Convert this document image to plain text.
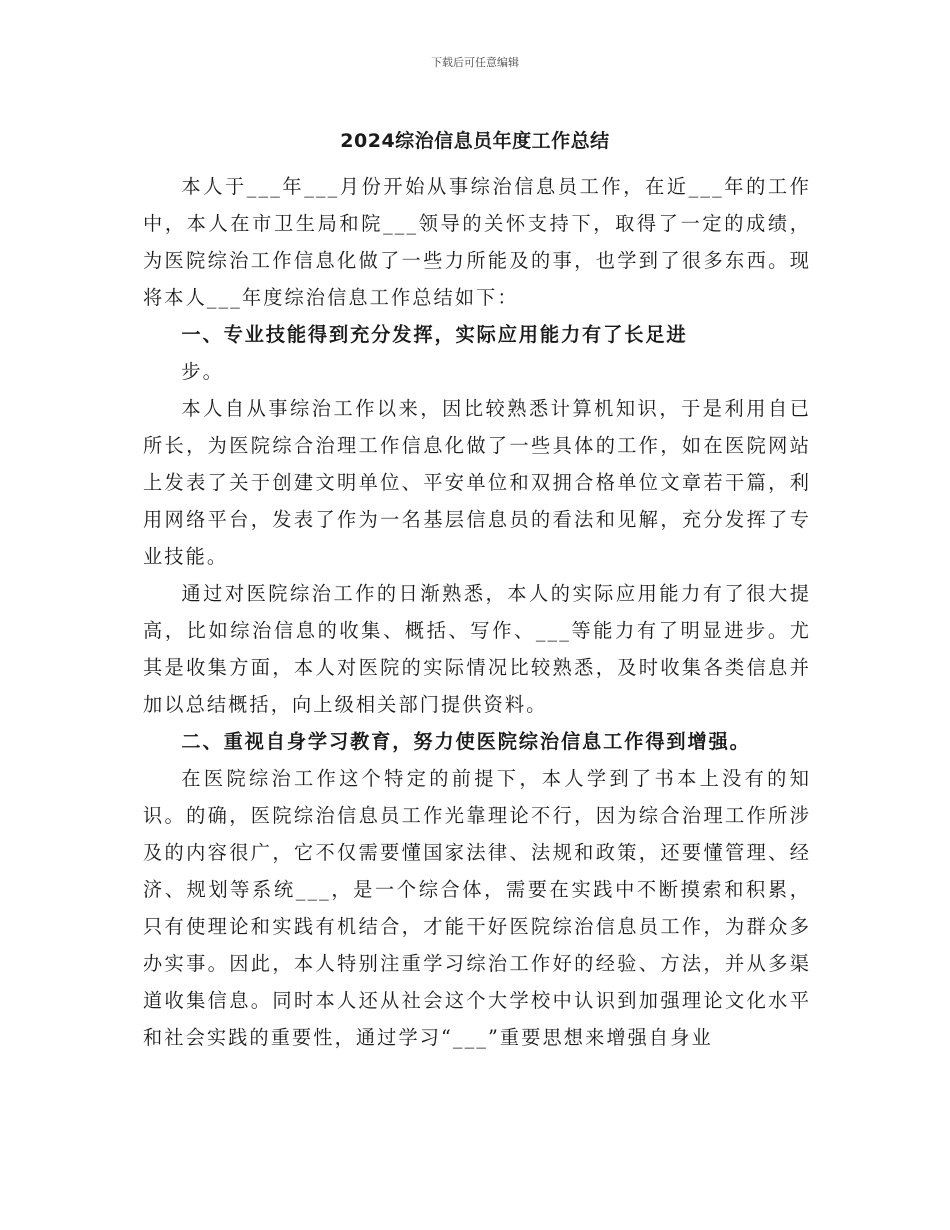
下载后可任意编辑
2024综治信息员年度工作总结

本人于___年___月份开始从事综治信息员工作，在近___年的工作中，本人在市卫生局和院___领导的关怀支持下，取得了一定的成绩，为医院综治工作信息化做了一些力所能及的事，也学到了很多东西。现将本人___年度综治信息工作总结如下：

一、专业技能得到充分发挥，实际应用能力有了长足进

步。

本人自从事综治工作以来，因比较熟悉计算机知识，于是利用自已所长，为医院综合治理工作信息化做了一些具体的工作，如在医院网站上发表了关于创建文明单位、平安单位和双拥合格单位文章若干篇，利用网络平台，发表了作为一名基层信息员的看法和见解，充分发挥了专业技能。

通过对医院综治工作的日渐熟悉，本人的实际应用能力有了很大提高，比如综治信息的收集、概括、写作、___等能力有了明显进步。尤其是收集方面，本人对医院的实际情况比较熟悉，及时收集各类信息并加以总结概括，向上级相关部门提供资料。

二、重视自身学习教育，努力使医院综治信息工作得到增强。

在医院综治工作这个特定的前提下，本人学到了书本上没有的知识。的确，医院综治信息员工作光靠理论不行，因为综合治理工作所涉及的内容很广，它不仅需要懂国家法律、法规和政策，还要懂管理、经济、规划等系统___，是一个综合体，需要在实践中不断摸索和积累，只有使理论和实践有机结合，才能干好医院综治信息员工作，为群众多办实事。因此，本人特别注重学习综治工作好的经验、方法，并从多渠道收集信息。同时本人还从社会这个大学校中认识到加强理论文化水平和社会实践的重要性，通过学习“___”重要思想来增强自身业
